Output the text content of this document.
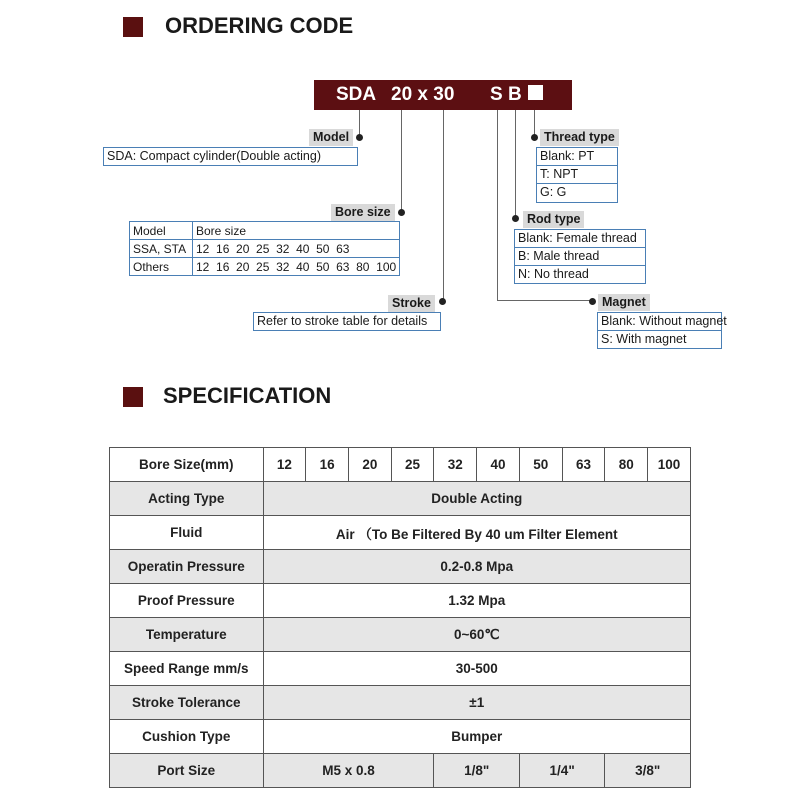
ORDERING CODE
SDA 20 x 30 S B
Model
SDA: Compact cylinder(Double acting)
Bore size
Model	Bore size
SSA, STA	12  16  20  25  32  40  50  63
Others	12  16  20  25  32  40  50  63  80  100
Stroke
Refer to stroke table for details
Thread type
Blank: PT
T: NPT
G: G
Rod type
Blank: Female thread
B: Male thread
N: No thread
Magnet
Blank: Without magnet
S: With magnet
SPECIFICATION
Bore Size(mm)	12	16	20	25	32	40	50	63	80	100
Acting Type	Double Acting									
Fluid	Air （To Be Filtered By 40 um Filter Element									
Operatin Pressure	0.2-0.8 Mpa									
Proof Pressure	1.32 Mpa									
Temperature	0~60℃									
Speed Range mm/s	30-500									
Stroke Tolerance	±1									
Cushion Type	Bumper									
Port Size	M5 x 0.8				1/8"		1/4"		3/8"	
